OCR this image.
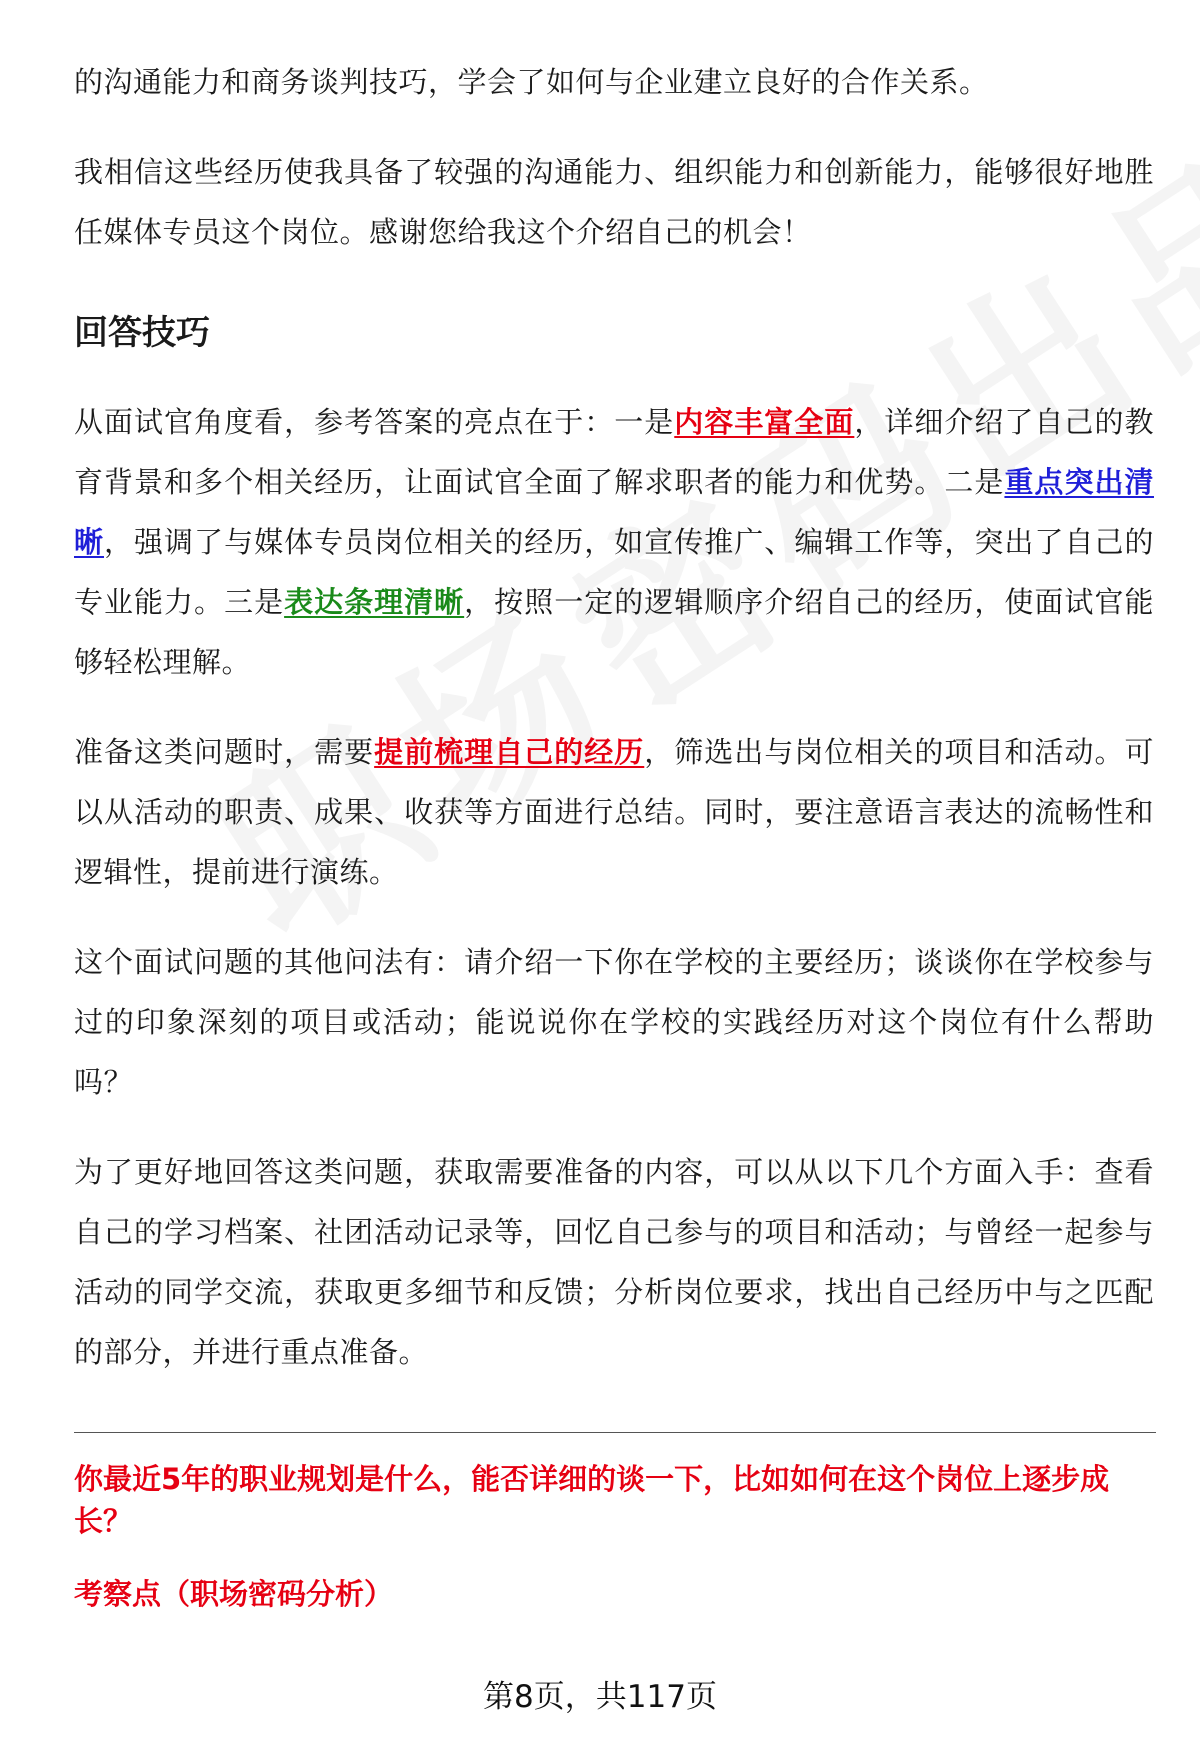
的沟通能力和商务谈判技巧，学会了如何与企业建立良好的合作关系。

我相信这些经历使我具备了较强的沟通能力、组织能力和创新能力，能够很好地胜任媒体专员这个岗位。感谢您给我这个介绍自己的机会！

回答技巧

从面试官角度看，参考答案的亮点在于：一是内容丰富全面，详细介绍了自己的教育背景和多个相关经历，让面试官全面了解求职者的能力和优势。二是重点突出清晰，强调了与媒体专员岗位相关的经历，如宣传推广、编辑工作等，突出了自己的专业能力。三是表达条理清晰，按照一定的逻辑顺序介绍自己的经历，使面试官能够轻松理解。

准备这类问题时，需要提前梳理自己的经历，筛选出与岗位相关的项目和活动。可以从活动的职责、成果、收获等方面进行总结。同时，要注意语言表达的流畅性和逻辑性，提前进行演练。

这个面试问题的其他问法有：请介绍一下你在学校的主要经历；谈谈你在学校参与过的印象深刻的项目或活动；能说说你在学校的实践经历对这个岗位有什么帮助吗？

为了更好地回答这类问题，获取需要准备的内容，可以从以下几个方面入手：查看自己的学习档案、社团活动记录等，回忆自己参与的项目和活动；与曾经一起参与活动的同学交流，获取更多细节和反馈；分析岗位要求，找出自己经历中与之匹配的部分，并进行重点准备。

你最近5年的职业规划是什么，能否详细的谈一下，比如如何在这个岗位上逐步成长？

考察点（职场密码分析）

第8页，共117页
